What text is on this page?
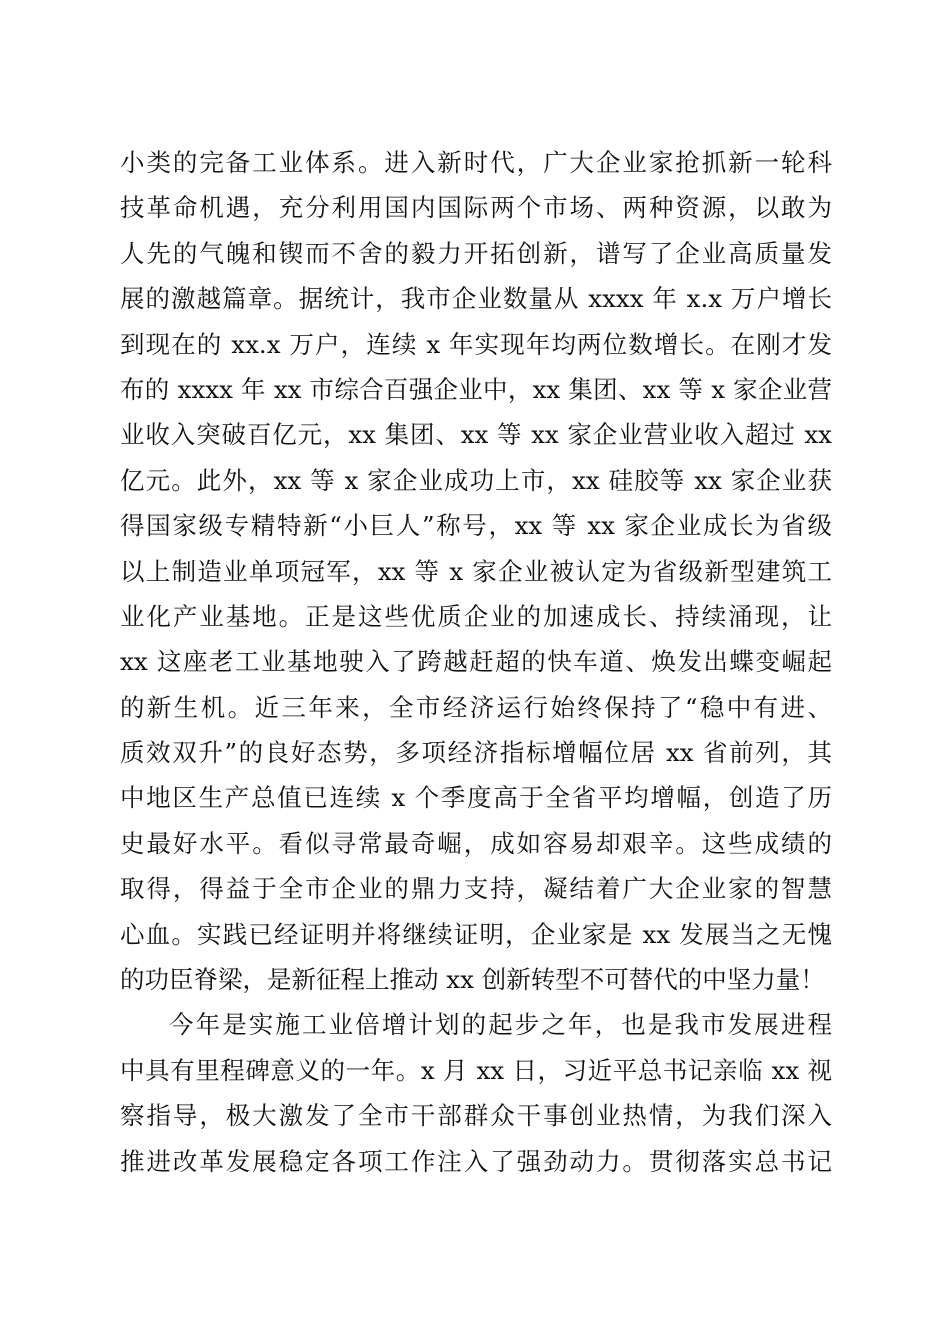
小类的完备工业体系。进入新时代，广大企业家抢抓新一轮科
技革命机遇，充分利用国内国际两个市场、两种资源，以敢为
人先的气魄和锲而不舍的毅力开拓创新，谱写了企业高质量发
展的激越篇章。据统计，我市企业数量从 xxxx 年 x.x 万户增长
到现在的 xx.x 万户，连续 x 年实现年均两位数增长。在刚才发
布的 xxxx 年 xx 市综合百强企业中，xx 集团、xx 等 x 家企业营
业收入突破百亿元，xx 集团、xx 等 xx 家企业营业收入超过 xx
亿元。此外，xx 等 x 家企业成功上市，xx 硅胶等 xx 家企业获
得国家级专精特新“小巨人”称号，xx 等 xx 家企业成长为省级
以上制造业单项冠军，xx 等 x 家企业被认定为省级新型建筑工
业化产业基地。正是这些优质企业的加速成长、持续涌现，让
xx 这座老工业基地驶入了跨越赶超的快车道、焕发出蝶变崛起
的新生机。近三年来，全市经济运行始终保持了“稳中有进、
质效双升”的良好态势，多项经济指标增幅位居 xx 省前列，其
中地区生产总值已连续 x 个季度高于全省平均增幅，创造了历
史最好水平。看似寻常最奇崛，成如容易却艰辛。这些成绩的
取得，得益于全市企业的鼎力支持，凝结着广大企业家的智慧
心血。实践已经证明并将继续证明，企业家是 xx 发展当之无愧
的功臣脊梁，是新征程上推动 xx 创新转型不可替代的中坚力量！
今年是实施工业倍增计划的起步之年，也是我市发展进程
中具有里程碑意义的一年。x 月 xx 日，习近平总书记亲临 xx 视
察指导，极大激发了全市干部群众干事创业热情，为我们深入
推进改革发展稳定各项工作注入了强劲动力。贯彻落实总书记
